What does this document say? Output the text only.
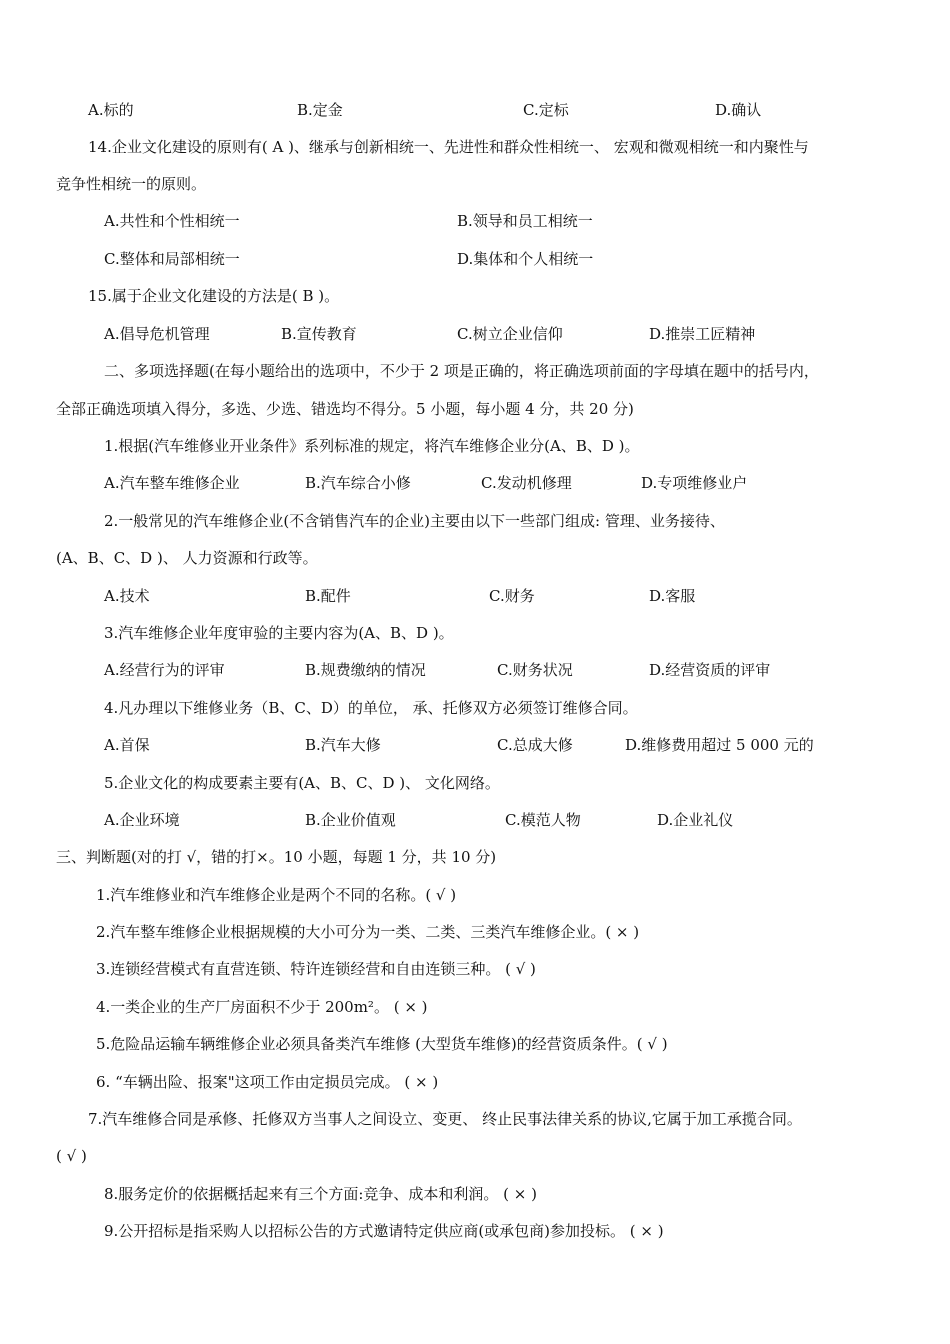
A.标的	B.定金	C.定标	D.确认
14.企业文化建设的原则有( A )、继承与创新相统一、先进性和群众性相统一、 宏观和微观相统一和内聚性与
竞争性相统一的原则。
A.共性和个性相统一	B.领导和员工相统一
C.整体和局部相统一	D.集体和个人相统一
15.属于企业文化建设的方法是( B )。
A.倡导危机管理	B.宣传教育	C.树立企业信仰	D.推崇工匠精神
二、多项选择题(在每小题给出的选项中，不少于 2 项是正确的，将正确选项前面的字母填在题中的括号内，
全部正确选项填入得分，多选、少选、错选均不得分。5 小题，每小题 4 分，共 20 分)
1.根据(汽车维修业开业条件》系列标准的规定，将汽车维修企业分(A、B、D )。
A.汽车整车维修企业	B.汽车综合小修	C.发动机修理	D.专项维修业户
2.一般常见的汽车维修企业(不含销售汽车的企业)主要由以下一些部门组成: 管理、业务接待、
(A、B、C、D )、 人力资源和行政等。
A.技术	B.配件	C.财务	D.客服
3.汽车维修企业年度审验的主要内容为(A、B、D )。
A.经营行为的评审	B.规费缴纳的情况	C.财务状况	D.经营资质的评审
4.凡办理以下维修业务（B、C、D）的单位， 承、托修双方必须签订维修合同。
A.首保	B.汽车大修	C.总成大修	D.维修费用超过 5 000 元的
5.企业文化的构成要素主要有(A、B、C、D )、 文化网络。
A.企业环境	B.企业价值观	C.模范人物	D.企业礼仪
三、判断题(对的打 √，错的打×。10 小题，每题 1 分，共 10 分)
1.汽车维修业和汽车维修企业是两个不同的名称。( √ )
2.汽车整车维修企业根据规模的大小可分为一类、二类、三类汽车维修企业。( × )
3.连锁经营模式有直营连锁、特许连锁经营和自由连锁三种。 ( √ )
4.一类企业的生产厂房面积不少于 200m²。 ( × )
5.危险品运输车辆维修企业必须具备类汽车维修 (大型货车维修)的经营资质条件。( √ )
6. “车辆出险、报案"这项工作由定损员完成。 ( × )
7.汽车维修合同是承修、托修双方当事人之间设立、变更、 终止民事法律关系的协议,它属于加工承揽合同。
( √ )
8.服务定价的依据概括起来有三个方面:竞争、成本和利润。 ( × )
9.公开招标是指采购人以招标公告的方式邀请特定供应商(或承包商)参加投标。 ( × )
